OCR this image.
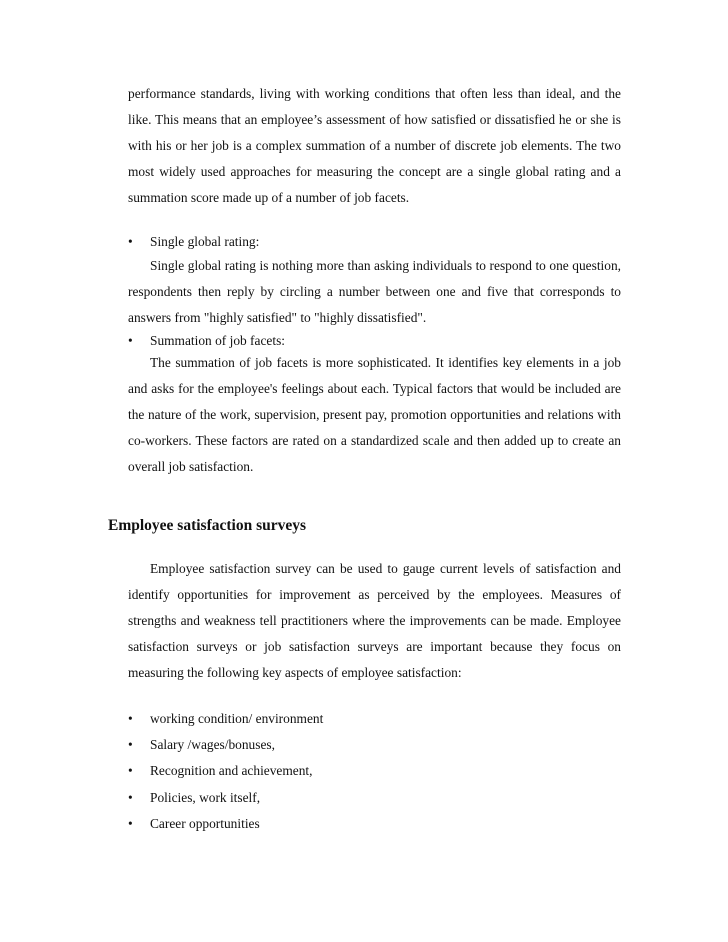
performance standards, living with working conditions that often less than ideal, and the like. This means that an employee’s assessment of how satisfied or dissatisfied he or she is with his or her job is a complex summation of a number of discrete job elements. The two most widely used approaches for measuring the concept are a single global rating and a summation score made up of a number of job facets.

• Single global rating:

Single global rating is nothing more than asking individuals to respond to one question, respondents then reply by circling a number between one and five that corresponds to answers from "highly satisfied" to "highly dissatisfied".

• Summation of job facets:

The summation of job facets is more sophisticated. It identifies key elements in a job and asks for the employee's feelings about each. Typical factors that would be included are the nature of the work, supervision, present pay, promotion opportunities and relations with co-workers. These factors are rated on a standardized scale and then added up to create an overall job satisfaction.

Employee satisfaction surveys

Employee satisfaction survey can be used to gauge current levels of satisfaction and identify opportunities for improvement as perceived by the employees. Measures of strengths and weakness tell practitioners where the improvements can be made. Employee satisfaction surveys or job satisfaction surveys are important because they focus on measuring the following key aspects of employee satisfaction:

• working condition/ environment
• Salary /wages/bonuses,
• Recognition and achievement,
• Policies, work itself,
• Career opportunities
